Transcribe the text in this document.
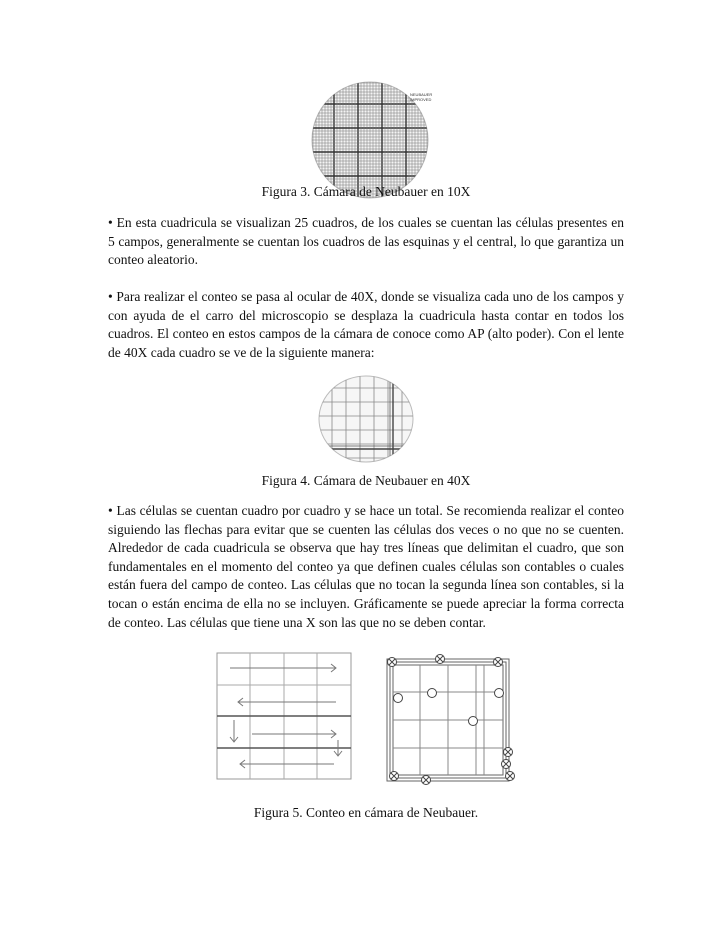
NEUBAUER
IMPROVED
Figura 3. Cámara de Neubauer en 10X

• En esta cuadricula se visualizan 25 cuadros, de los cuales se cuentan las células presentes en 5 campos, generalmente se cuentan los cuadros de las esquinas y el central, lo que garantiza un conteo aleatorio.

• Para realizar el conteo se pasa al ocular de 40X, donde se visualiza cada uno de los campos y con ayuda de el carro del microscopio se desplaza la cuadricula hasta contar en todos los cuadros. El conteo en estos campos de la cámara de conoce como AP (alto poder). Con el lente de 40X cada cuadro se ve de la siguiente manera:

Figura 4. Cámara de Neubauer en 40X

• Las células se cuentan cuadro por cuadro y se hace un total. Se recomienda realizar el conteo siguiendo las flechas para evitar que se cuenten las células dos veces o no que no se cuenten. Alrededor de cada cuadricula se observa que hay tres líneas que delimitan el cuadro, que son fundamentales en el momento del conteo ya que definen cuales células son contables o cuales están fuera del campo de conteo. Las células que no tocan la segunda línea son contables, si la tocan o están encima de ella no se incluyen. Gráficamente se puede apreciar la forma correcta de conteo. Las células que tiene una X son las que no se deben contar.

Figura 5. Conteo en cámara de Neubauer.
